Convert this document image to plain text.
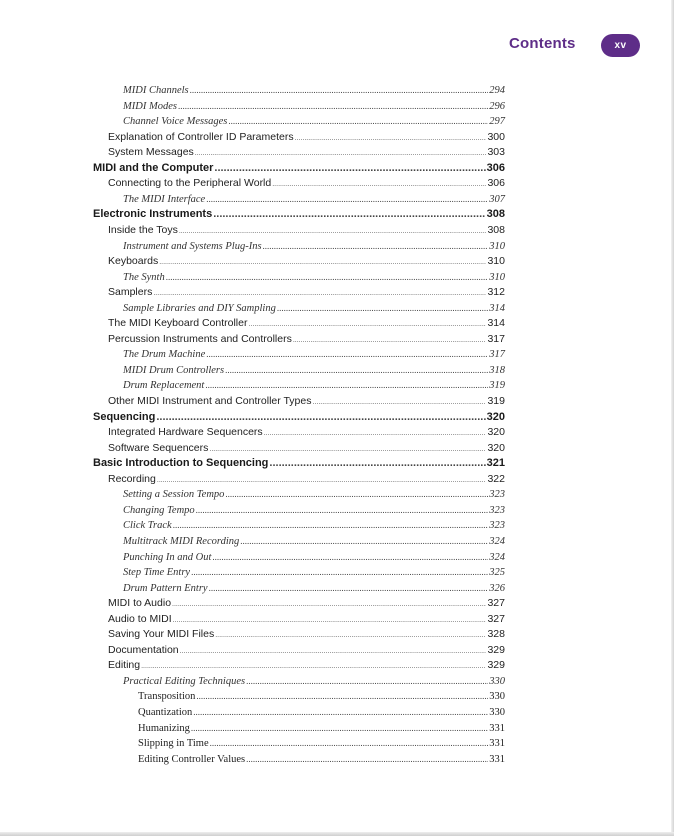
Contents	xv
MIDI Channels .....	294
MIDI Modes .....	296
Channel Voice Messages .....	297
Explanation of Controller ID Parameters .....	300
System Messages .....	303
MIDI and the Computer .....	306
Connecting to the Peripheral World .....	306
The MIDI Interface .....	307
Electronic Instruments .....	308
Inside the Toys .....	308
Instrument and Systems Plug-Ins .....	310
Keyboards .....	310
The Synth .....	310
Samplers .....	312
Sample Libraries and DIY Sampling .....	314
The MIDI Keyboard Controller .....	314
Percussion Instruments and Controllers .....	317
The Drum Machine .....	317
MIDI Drum Controllers .....	318
Drum Replacement .....	319
Other MIDI Instrument and Controller Types .....	319
Sequencing .....	320
Integrated Hardware Sequencers .....	320
Software Sequencers .....	320
Basic Introduction to Sequencing .....	321
Recording .....	322
Setting a Session Tempo .....	323
Changing Tempo .....	323
Click Track .....	323
Multitrack MIDI Recording .....	324
Punching In and Out .....	324
Step Time Entry .....	325
Drum Pattern Entry .....	326
MIDI to Audio .....	327
Audio to MIDI .....	327
Saving Your MIDI Files .....	328
Documentation .....	329
Editing .....	329
Practical Editing Techniques .....	330
Transposition .....	330
Quantization .....	330
Humanizing .....	331
Slipping in Time .....	331
Editing Controller Values .....	331
